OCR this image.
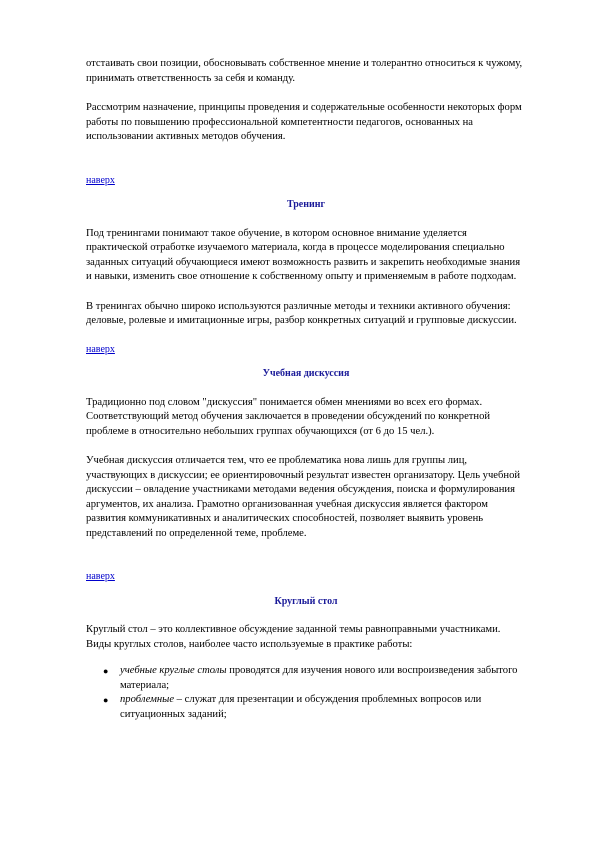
отстаивать свои позиции, обосновывать собственное мнение и толерантно относиться к чужому, принимать ответственность за себя и команду.

Рассмотрим назначение, принципы проведения и содержательные особенности некоторых форм работы по повышению профессиональной компетентности педагогов, основанных на использовании активных методов обучения.

наверх

Тренинг

Под тренингами понимают такое обучение, в котором основное внимание уделяется практической отработке изучаемого материала, когда в процессе моделирования специально заданных ситуаций обучающиеся имеют возможность развить и закрепить необходимые знания и навыки, изменить свое отношение к собственному опыту и применяемым в работе подходам.

В тренингах обычно широко используются различные методы и техники активного обучения: деловые, ролевые и имитационные игры, разбор конкретных ситуаций и групповые дискуссии.

наверх

Учебная дискуссия

Традиционно под словом "дискуссия" понимается обмен мнениями во всех его формах. Соответствующий метод обучения заключается в проведении обсуждений по конкретной проблеме в относительно небольших группах обучающихся (от 6 до 15 чел.).

Учебная дискуссия отличается тем, что ее проблематика нова лишь для группы лиц, участвующих в дискуссии; ее ориентировочный результат известен организатору. Цель учебной дискуссии – овладение участниками методами ведения обсуждения, поиска и формулирования аргументов, их анализа. Грамотно организованная учебная дискуссия является фактором развития коммуникативных и аналитических способностей, позволяет выявить уровень представлений по определенной теме, проблеме.

наверх

Круглый стол

Круглый стол – это коллективное обсуждение заданной темы равноправными участниками. Виды круглых столов, наиболее часто используемые в практике работы:

● учебные круглые столы проводятся для изучения нового или воспроизведения забытого материала;
● проблемные – служат для презентации и обсуждения проблемных вопросов или ситуационных заданий;
